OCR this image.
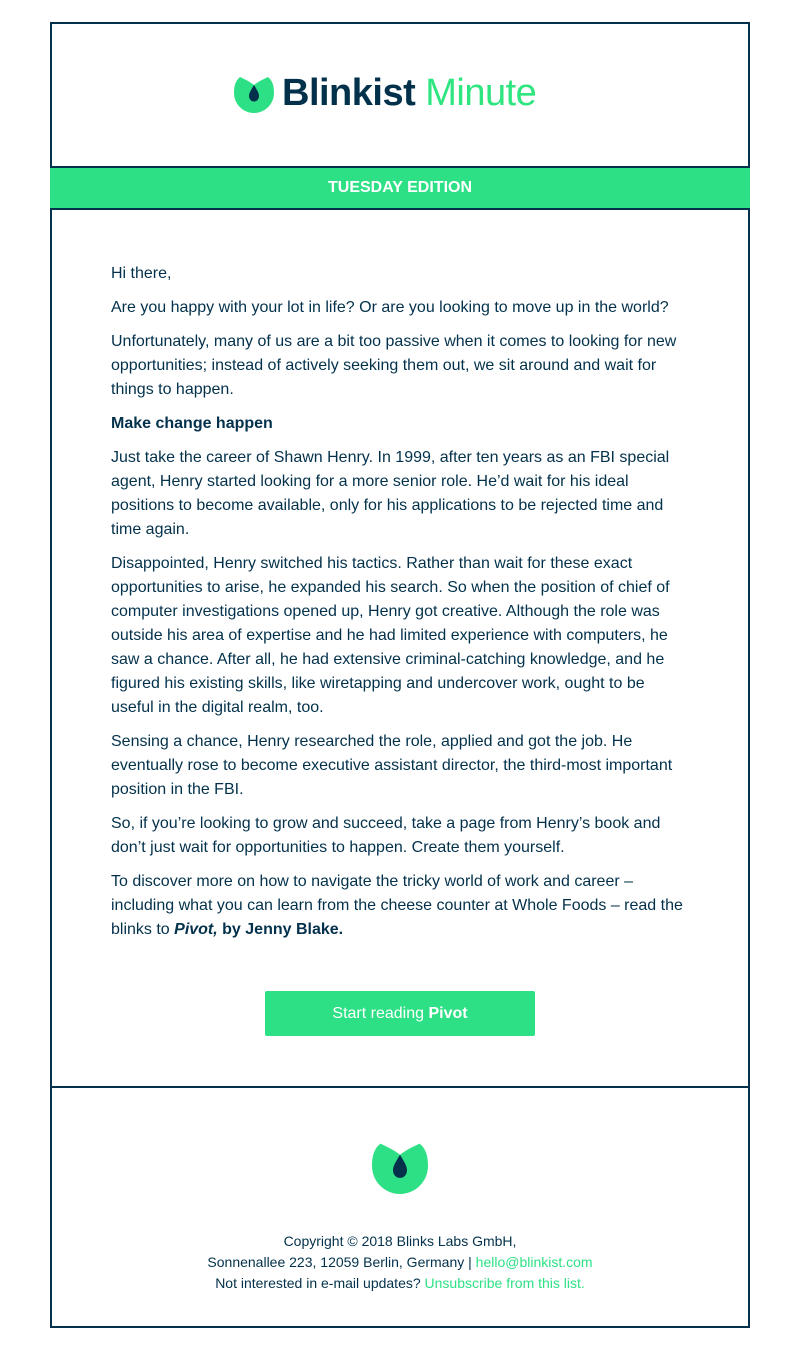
Blinkist Minute
TUESDAY EDITION

Hi there,

Are you happy with your lot in life? Or are you looking to move up in the world?

Unfortunately, many of us are a bit too passive when it comes to looking for new opportunities; instead of actively seeking them out, we sit around and wait for things to happen.

Make change happen

Just take the career of Shawn Henry. In 1999, after ten years as an FBI special agent, Henry started looking for a more senior role. He’d wait for his ideal positions to become available, only for his applications to be rejected time and time again.

Disappointed, Henry switched his tactics. Rather than wait for these exact opportunities to arise, he expanded his search. So when the position of chief of computer investigations opened up, Henry got creative. Although the role was outside his area of expertise and he had limited experience with computers, he saw a chance. After all, he had extensive criminal-catching knowledge, and he figured his existing skills, like wiretapping and undercover work, ought to be useful in the digital realm, too.

Sensing a chance, Henry researched the role, applied and got the job. He eventually rose to become executive assistant director, the third-most important position in the FBI.

So, if you’re looking to grow and succeed, take a page from Henry’s book and don’t just wait for opportunities to happen. Create them yourself.

To discover more on how to navigate the tricky world of work and career – including what you can learn from the cheese counter at Whole Foods – read the blinks to Pivot, by Jenny Blake.

Start reading Pivot
Copyright © 2018 Blinks Labs GmbH,
Sonnenallee 223, 12059 Berlin, Germany | hello@blinkist.com
Not interested in e-mail updates? Unsubscribe from this list.
